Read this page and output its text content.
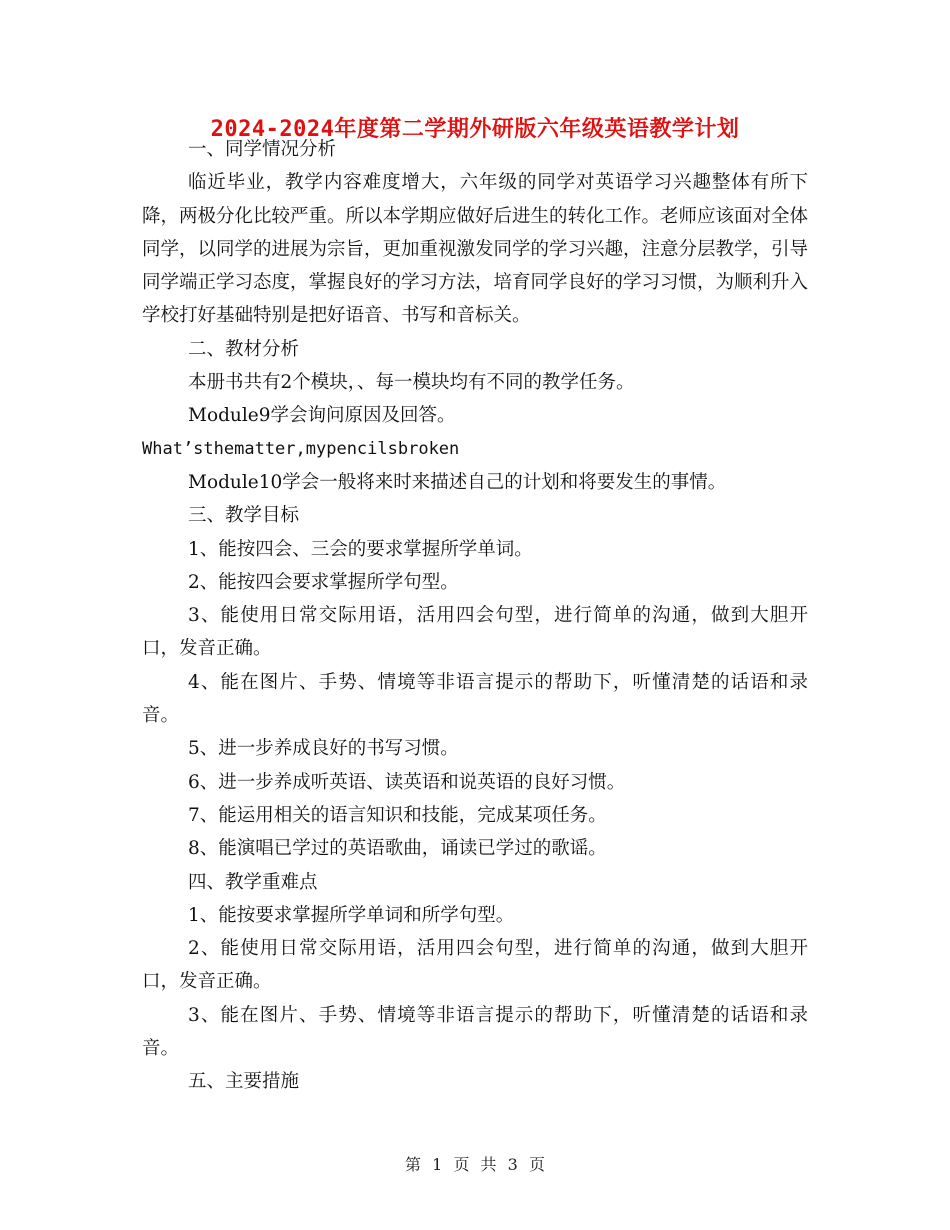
2024-2024年度第二学期外研版六年级英语教学计划

一、同学情况分析

临近毕业，教学内容难度增大，六年级的同学对英语学习兴趣整体有所下降，两极分化比较严重。所以本学期应做好后进生的转化工作。老师应该面对全体同学，以同学的进展为宗旨，更加重视激发同学的学习兴趣，注意分层教学，引导同学端正学习态度，掌握良好的学习方法，培育同学良好的学习习惯，为顺利升入学校打好基础特别是把好语音、书写和音标关。

二、教材分析

本册书共有2个模块，、每一模块均有不同的教学任务。

Module9学会询问原因及回答。

What’sthematter,mypencilsbroken

Module10学会一般将来时来描述自己的计划和将要发生的事情。

三、教学目标

1、能按四会、三会的要求掌握所学单词。

2、能按四会要求掌握所学句型。

3、能使用日常交际用语，活用四会句型，进行简单的沟通，做到大胆开口，发音正确。

4、能在图片、手势、情境等非语言提示的帮助下，听懂清楚的话语和录音。

5、进一步养成良好的书写习惯。

6、进一步养成听英语、读英语和说英语的良好习惯。

7、能运用相关的语言知识和技能，完成某项任务。

8、能演唱已学过的英语歌曲，诵读已学过的歌谣。

四、教学重难点

1、能按要求掌握所学单词和所学句型。

2、能使用日常交际用语，活用四会句型，进行简单的沟通，做到大胆开口，发音正确。

3、能在图片、手势、情境等非语言提示的帮助下，听懂清楚的话语和录音。

五、主要措施

第 1 页 共 3 页
